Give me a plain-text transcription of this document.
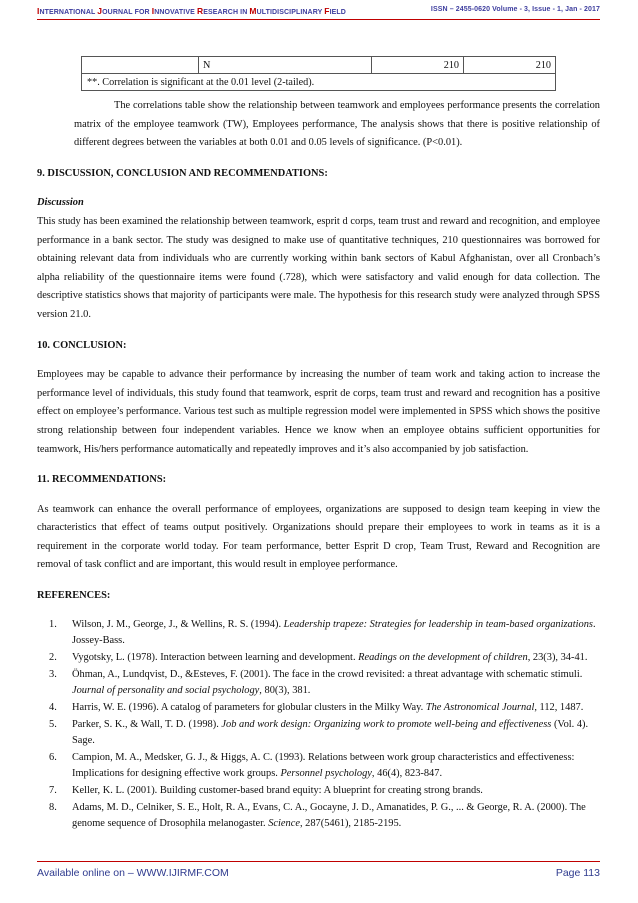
INTERNATIONAL JOURNAL FOR INNOVATIVE RESEARCH IN MULTIDISCIPLINARY FIELD	ISSN – 2455-0620 Volume - 3, Issue - 1, Jan - 2017
	N	210	210
**. Correlation is significant at the 0.01 level (2-tailed).

The correlations table show the relationship between teamwork and employees performance presents the correlation matrix of the employee teamwork (TW), Employees performance, The analysis shows that there is positive relationship of different degrees between the variables at both 0.01 and 0.05 levels of significance. (P<0.01).

9. DISCUSSION, CONCLUSION AND RECOMMENDATIONS:

Discussion

This study has been examined the relationship between teamwork, esprit d corps, team trust and reward and recognition, and employee performance in a bank sector. The study was designed to make use of quantitative techniques, 210 questionnaires was borrowed for obtaining relevant data from individuals who are currently working within bank sectors of Kabul Afghanistan, over all Cronbach’s alpha reliability of the questionnaire items were found (.728), which were satisfactory and valid enough for data collection. The descriptive statistics shows that majority of participants were male. The hypothesis for this research study were analyzed through SPSS version 21.0.

10. CONCLUSION:

Employees may be capable to advance their performance by increasing the number of team work and taking action to increase the performance level of individuals, this study found that teamwork, esprit de corps, team trust and reward and recognition has a positive effect on employee’s performance. Various test such as multiple regression model were implemented in SPSS which shows the positive strong relationship between four independent variables. Hence we know when an employee obtains sufficient opportunities for teamwork, His/hers performance automatically and repeatedly improves and it’s also accompanied by job satisfaction.

11. RECOMMENDATIONS:

As teamwork can enhance the overall performance of employees, organizations are supposed to design team keeping in view the characteristics that effect of teams output positively. Organizations should prepare their employees to work in teams as it is a requirement in the corporate world today. For team performance, better Esprit D crop, Team Trust, Reward and Recognition are removal of task conflict and are important, this would result in employee performance.

REFERENCES:

1. Wilson, J. M., George, J., & Wellins, R. S. (1994). Leadership trapeze: Strategies for leadership in team-based organizations. Jossey-Bass.
2. Vygotsky, L. (1978). Interaction between learning and development. Readings on the development of children, 23(3), 34-41.
3. Öhman, A., Lundqvist, D., &Esteves, F. (2001). The face in the crowd revisited: a threat advantage with schematic stimuli. Journal of personality and social psychology, 80(3), 381.
4. Harris, W. E. (1996). A catalog of parameters for globular clusters in the Milky Way. The Astronomical Journal, 112, 1487.
5. Parker, S. K., & Wall, T. D. (1998). Job and work design: Organizing work to promote well-being and effectiveness (Vol. 4). Sage.
6. Campion, M. A., Medsker, G. J., & Higgs, A. C. (1993). Relations between work group characteristics and effectiveness: Implications for designing effective work groups. Personnel psychology, 46(4), 823-847.
7. Keller, K. L. (2001). Building customer-based brand equity: A blueprint for creating strong brands.
8. Adams, M. D., Celniker, S. E., Holt, R. A., Evans, C. A., Gocayne, J. D., Amanatides, P. G., ... & George, R. A. (2000). The genome sequence of Drosophila melanogaster. Science, 287(5461), 2185-2195.
Available online on – WWW.IJIRMF.COM	Page 113
